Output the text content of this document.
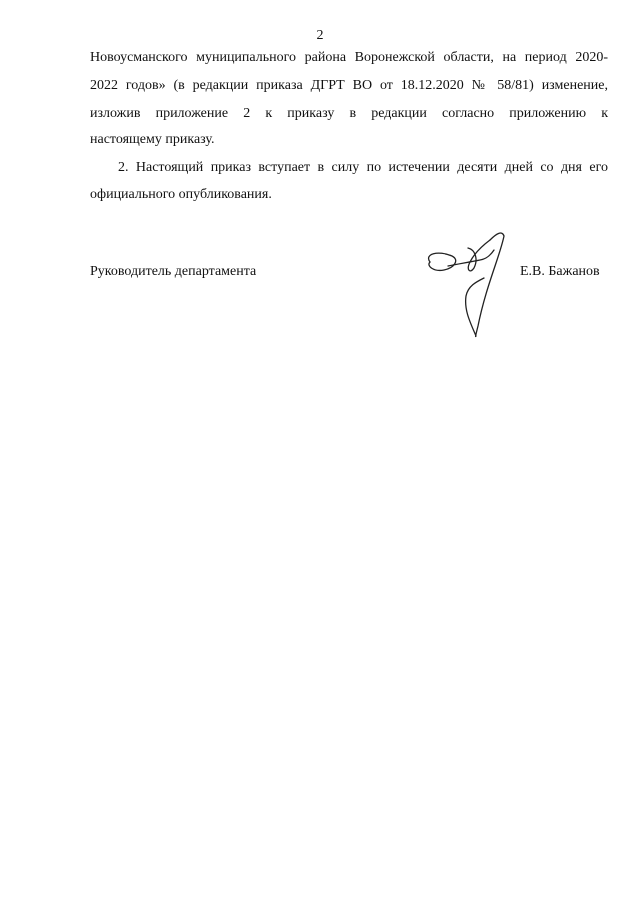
2
Новоусманского муниципального района Воронежской области, на период 2020-
2022 годов» (в редакции приказа ДГРТ ВО от 18.12.2020 № 58/81) изменение,
изложив приложение 2 к приказу в редакции согласно приложению к
настоящему приказу.
2. Настоящий приказ вступает в силу по истечении десяти дней со дня его
официального опубликования.
Руководитель департамента	Е.В. Бажанов
